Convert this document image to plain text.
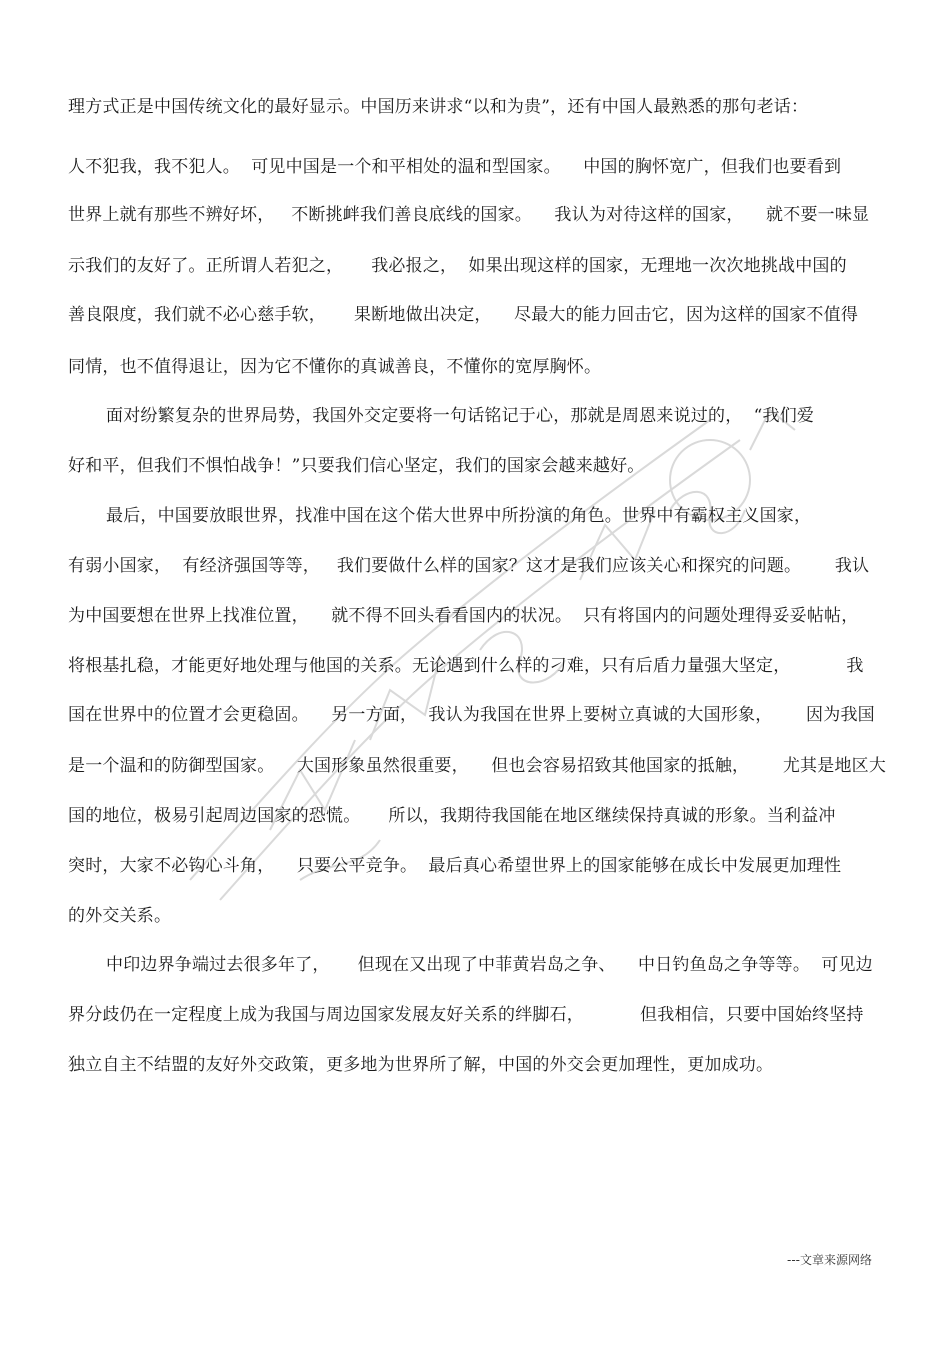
理方式正是中国传统文化的最好显示。中国历来讲求“以和为贵”，还有中国人最熟悉的那句老话：
人不犯我，我不犯人。  可见中国是一个和平相处的温和型国家。    中国的胸怀宽广，但我们也要看到
世界上就有那些不辨好坏，   不断挑衅我们善良底线的国家。    我认为对待这样的国家，    就不要一味显
示我们的友好了。正所谓人若犯之，     我必报之，  如果出现这样的国家，无理地一次次地挑战中国的
善良限度，我们就不必心慈手软，     果断地做出决定，    尽最大的能力回击它，因为这样的国家不值得
同情，也不值得退让，因为它不懂你的真诚善良，不懂你的宽厚胸怀。
面对纷繁复杂的世界局势，我国外交定要将一句话铭记于心，那就是周恩来说过的，  “我们爱
好和平，但我们不惧怕战争！”只要我们信心坚定，我们的国家会越来越好。
最后，中国要放眼世界，找准中国在这个偌大世界中所扮演的角色。世界中有霸权主义国家，
有弱小国家，  有经济强国等等，   我们要做什么样的国家？这才是我们应该关心和探究的问题。      我认
为中国要想在世界上找准位置，    就不得不回头看看国内的状况。  只有将国内的问题处理得妥妥帖帖，
将根基扎稳，才能更好地处理与他国的关系。无论遇到什么样的刁难，只有后盾力量强大坚定，          我
国在世界中的位置才会更稳固。    另一方面，  我认为我国在世界上要树立真诚的大国形象，      因为我国
是一个温和的防御型国家。    大国形象虽然很重要，    但也会容易招致其他国家的抵触，      尤其是地区大
国的地位，极易引起周边国家的恐慌。     所以，我期待我国能在地区继续保持真诚的形象。当利益冲
突时，大家不必钩心斗角，    只要公平竞争。  最后真心希望世界上的国家能够在成长中发展更加理性
的外交关系。
中印边界争端过去很多年了，     但现在又出现了中菲黄岩岛之争、    中日钓鱼岛之争等等。  可见边
界分歧仍在一定程度上成为我国与周边国家发展友好关系的绊脚石，          但我相信，只要中国始终坚持
独立自主不结盟的友好外交政策，更多地为世界所了解，中国的外交会更加理性，更加成功。
---文章来源网络
